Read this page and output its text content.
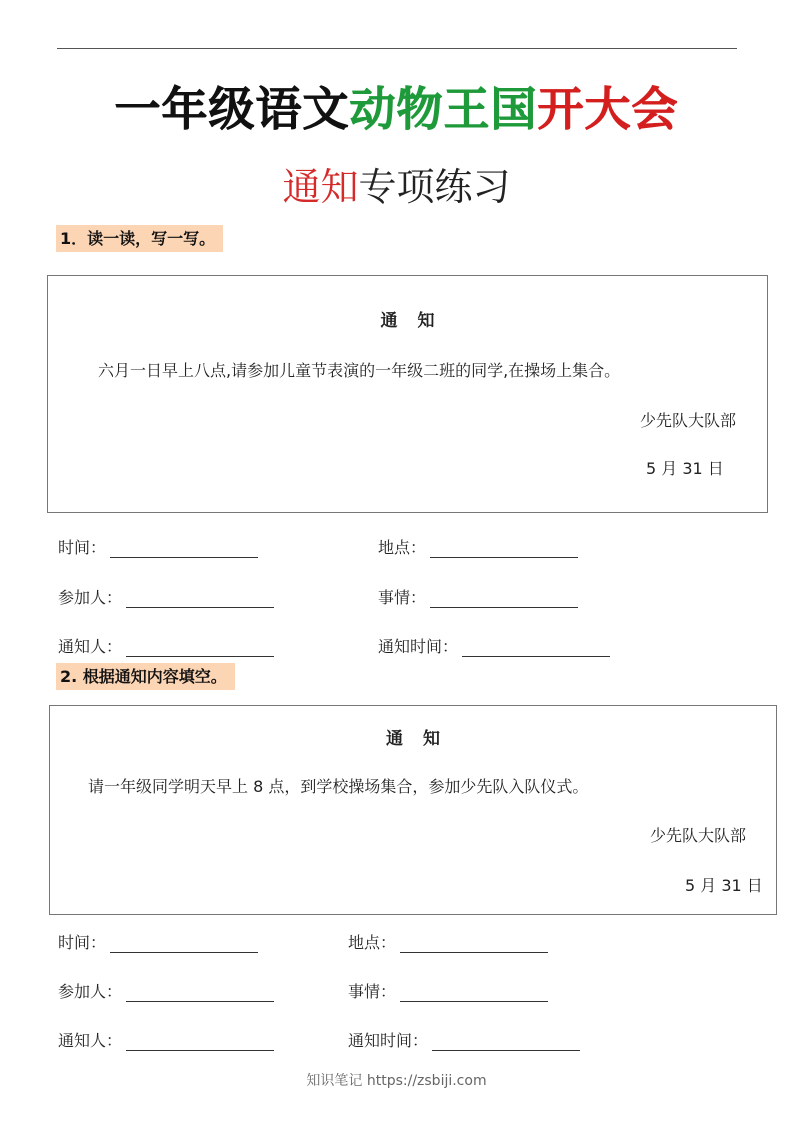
一年级语文动物王国开大会
通知专项练习
1．读一读，写一写。
通知
六月一日早上八点,请参加儿童节表演的一年级二班的同学,在操场上集合。
少先队大队部
5 月 31 日
时间：	地点：
参加人：	事情：
通知人：	通知时间：
2. 根据通知内容填空。
通知
请一年级同学明天早上 8 点，到学校操场集合，参加少先队入队仪式。
少先队大队部
5 月 31 日
时间：	地点：
参加人：	事情：
通知人：	通知时间：
知识笔记 https://zsbiji.com
